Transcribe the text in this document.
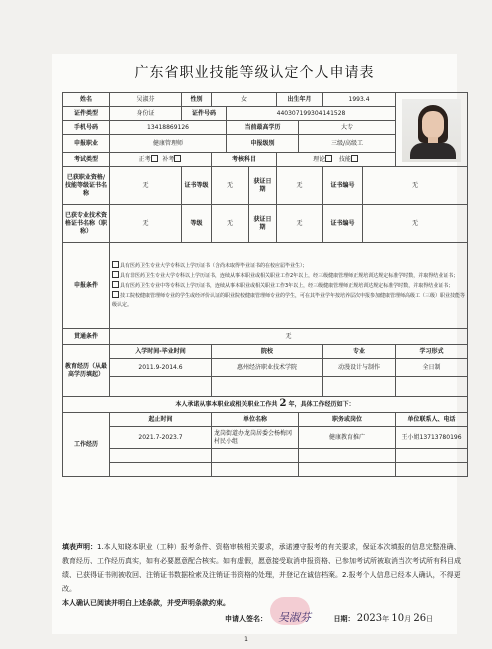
广东省职业技能等级认定个人申请表
姓名	吴淑芬	性别	女			出生年月		1993.4		

证件类型	身份证	证件号码		440307199304141528						
手机号码	13418869126			当前最高学历			大专			
申报职业	健康管理师			申报级别			三级/高级工			
考试类型	正考 补考		考核科目			理论 技能				
已获职业资格/技能等级证书名称	无	证书等级	无		获证日期	无		证书编号	无	
已获专业技术资格证书名称（职称）	无	等级	无		获证日期	无		证书编号	无	
申报条件	具有医药卫生专业大学专科以上学历证书（含尚未取得毕业证书的在校应届毕业生）；
具有非医药卫生专业大学专科以上学历证书，连续从事本职业或相关职业工作2年以上，经三级健康管理师正规培训达规定标准学时数，并取得结业证书；
具有医药卫生专业中等专科以上学历证书，连续从事本职业或相关职业工作3年以上，经三级健康管理师正规培训达规定标准学时数，并取得结业证书；
技工院校健康管理师专业的学生或经评价认证的职业院校健康管理师专业的学生，可在其毕业学年按培养层次申报参加健康管理师高级工（三级）职业技能等级认定。									

贯通条件	无									
教育经历（从最高学历填起）	入学时间-毕业时间		院校					专业		学习形式
	2011.9-2014.6		惠州经济职业技术学院					动漫设计与制作		全日制

本人承诺从事本职业或相关职业工作共 2 年，具体工作经历如下：										
工作经历	起止时间		单位名称				职务或岗位			单位联系人、电话
	2021.7-2023.7		龙岗街道办龙岗居委会杨梅冈村民小组				健康教育推广			王小姐13713780196

填表声明：1.本人知晓本职业（工种）报考条件、资格审核相关要求，承诺遵守报考的有关要求，保证本次填报的信息完整准确、教育经历、工作经历真实，如有必要愿意配合核实。如有虚假，愿意接受取消申报资格、已参加考试所被取消当次考试所有科目成绩、已获得证书则被收回、注销证书数据检索及注销证书资格的处理，并登记在诚信档案。2.报考个人信息已经本人确认，不得更改。
本人确认已阅读并明白上述条款，并受声明条款约束。
申请人签名：	日期： 2023年 10月 26日
吴淑芬
1
